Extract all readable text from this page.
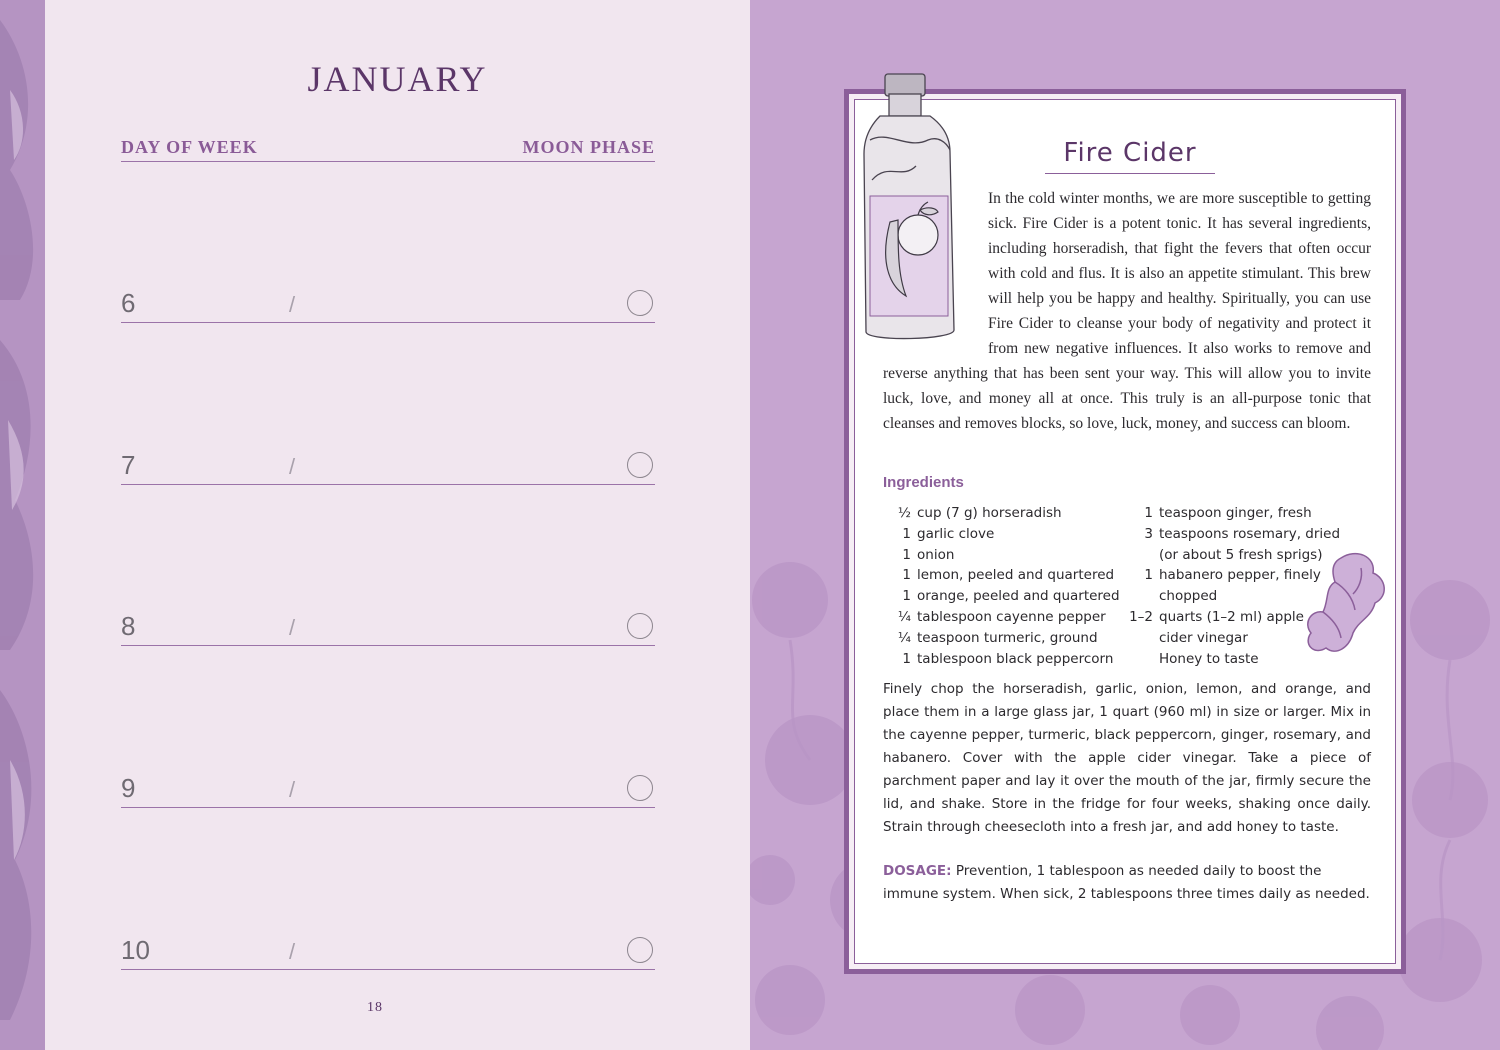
JANUARY
DAY OF WEEK	MOON PHASE
6	/
7	/
8	/
9	/
10	/
18
Fire Cider
In the cold winter months, we are more susceptible to getting sick. Fire Cider is a potent tonic. It has several ingredients, including horseradish, that fight the fevers that often occur with cold and flus. It is also an appetite stimulant. This brew will help you be happy and healthy. Spiritually, you can use Fire Cider to cleanse your body of negativity and protect it from new negative influences. It also works to remove and reverse anything that has been sent your way. This will allow you to invite luck, love, and money all at once. This truly is an all-purpose tonic that cleanses and removes blocks, so love, luck, money, and success can bloom.
Ingredients
½ cup (7 g) horseradish
1 garlic clove
1 onion
1 lemon, peeled and quartered
1 orange, peeled and quartered
¼ tablespoon cayenne pepper
¼ teaspoon turmeric, ground
1 tablespoon black peppercorn
1 teaspoon ginger, fresh
3 teaspoons rosemary, dried
(or about 5 fresh sprigs)
1 habanero pepper, finely
chopped
1–2 quarts (1–2 ml) apple
cider vinegar
Honey to taste
Finely chop the horseradish, garlic, onion, lemon, and orange, and place them in a large glass jar, 1 quart (960 ml) in size or larger. Mix in the cayenne pepper, turmeric, black peppercorn, ginger, rosemary, and habanero. Cover with the apple cider vinegar. Take a piece of parchment paper and lay it over the mouth of the jar, firmly secure the lid, and shake. Store in the fridge for four weeks, shaking once daily. Strain through cheesecloth into a fresh jar, and add honey to taste.
DOSAGE: Prevention, 1 tablespoon as needed daily to boost the immune system. When sick, 2 tablespoons three times daily as needed.
